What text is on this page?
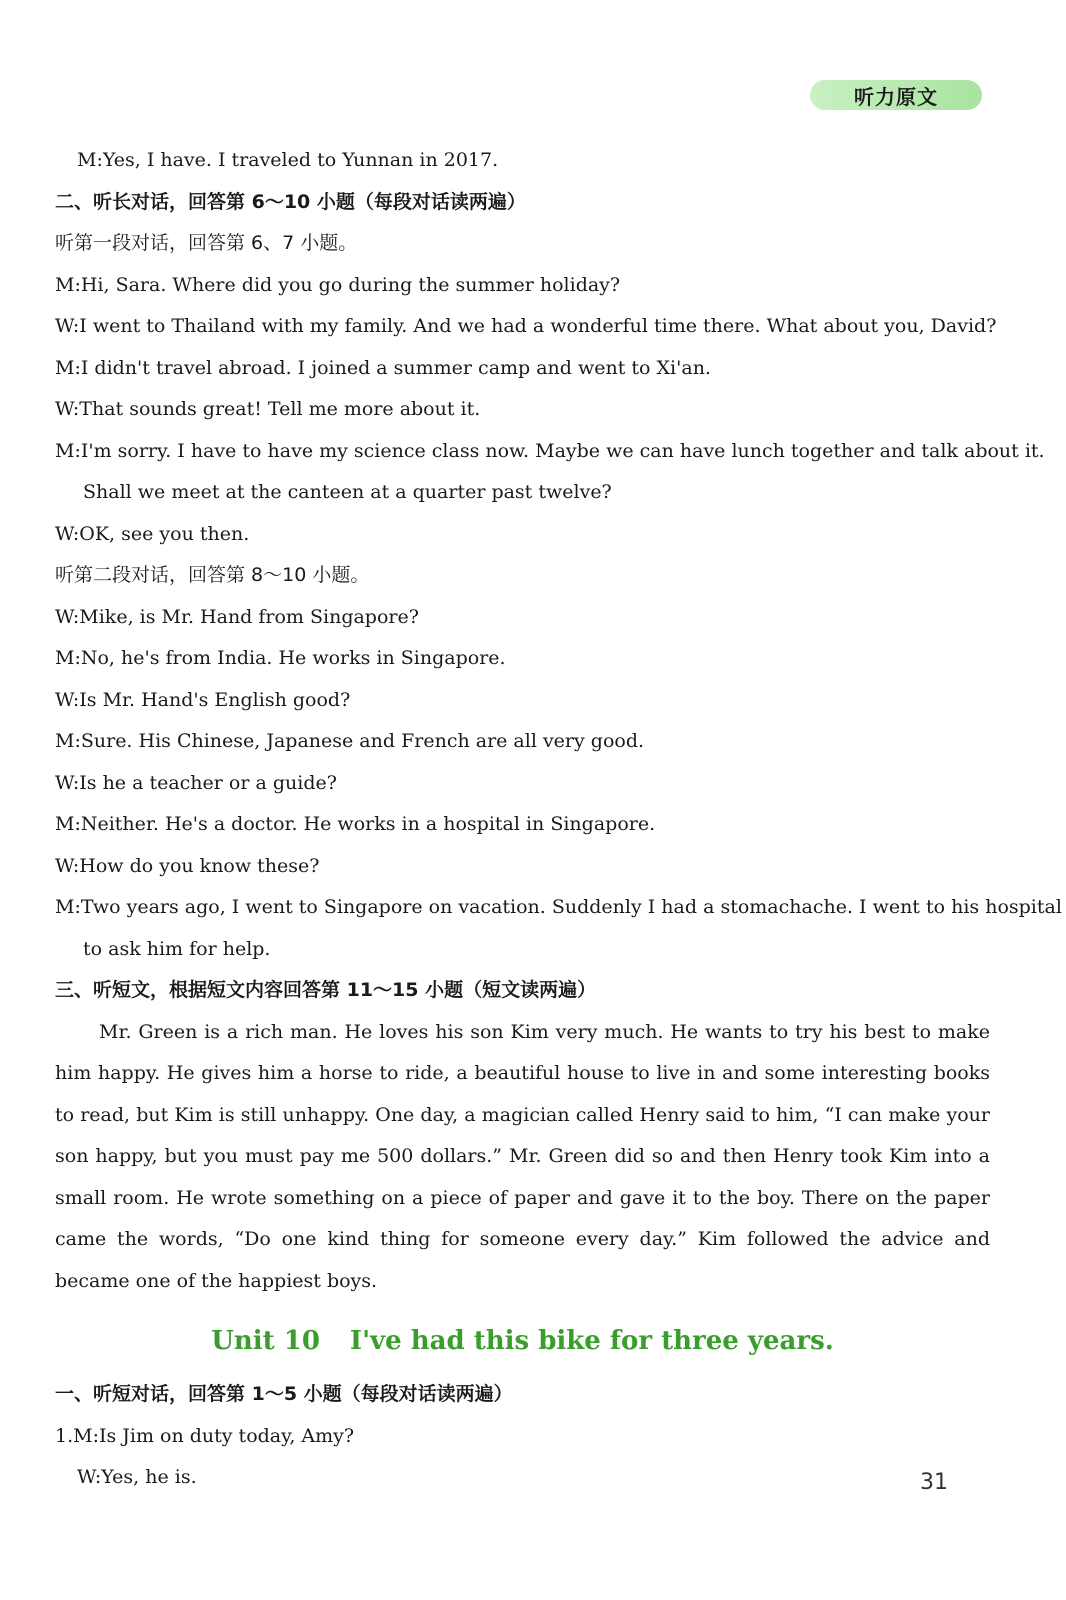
听力原文
M:Yes, I have. I traveled to Yunnan in 2017.
二、听长对话，回答第 6～10 小题（每段对话读两遍）
听第一段对话，回答第 6、7 小题。
M:Hi, Sara. Where did you go during the summer holiday?
W:I went to Thailand with my family. And we had a wonderful time there. What about you, David?
M:I didn't travel abroad. I joined a summer camp and went to Xi'an.
W:That sounds great! Tell me more about it.
M:I'm sorry. I have to have my science class now. Maybe we can have lunch together and talk about it.
Shall we meet at the canteen at a quarter past twelve?
W:OK, see you then.
听第二段对话，回答第 8～10 小题。
W:Mike, is Mr. Hand from Singapore?
M:No, he's from India. He works in Singapore.
W:Is Mr. Hand's English good?
M:Sure. His Chinese, Japanese and French are all very good.
W:Is he a teacher or a guide?
M:Neither. He's a doctor. He works in a hospital in Singapore.
W:How do you know these?
M:Two years ago, I went to Singapore on vacation. Suddenly I had a stomachache. I went to his hospital
to ask him for help.
三、听短文，根据短文内容回答第 11～15 小题（短文读两遍）

Mr. Green is a rich man. He loves his son Kim very much. He wants to try his best to make him happy. He gives him a horse to ride, a beautiful house to live in and some interesting books to read, but Kim is still unhappy. One day, a magician called Henry said to him, “I can make your son happy, but you must pay me 500 dollars.” Mr. Green did so and then Henry took Kim into a small room. He wrote something on a piece of paper and gave it to the boy. There on the paper came the words, “Do one kind thing for someone every day.” Kim followed the advice and became one of the happiest boys.

Unit 10 I've had this bike for three years.
一、听短对话，回答第 1～5 小题（每段对话读两遍）
1.M:Is Jim on duty today, Amy?
W:Yes, he is.	31
